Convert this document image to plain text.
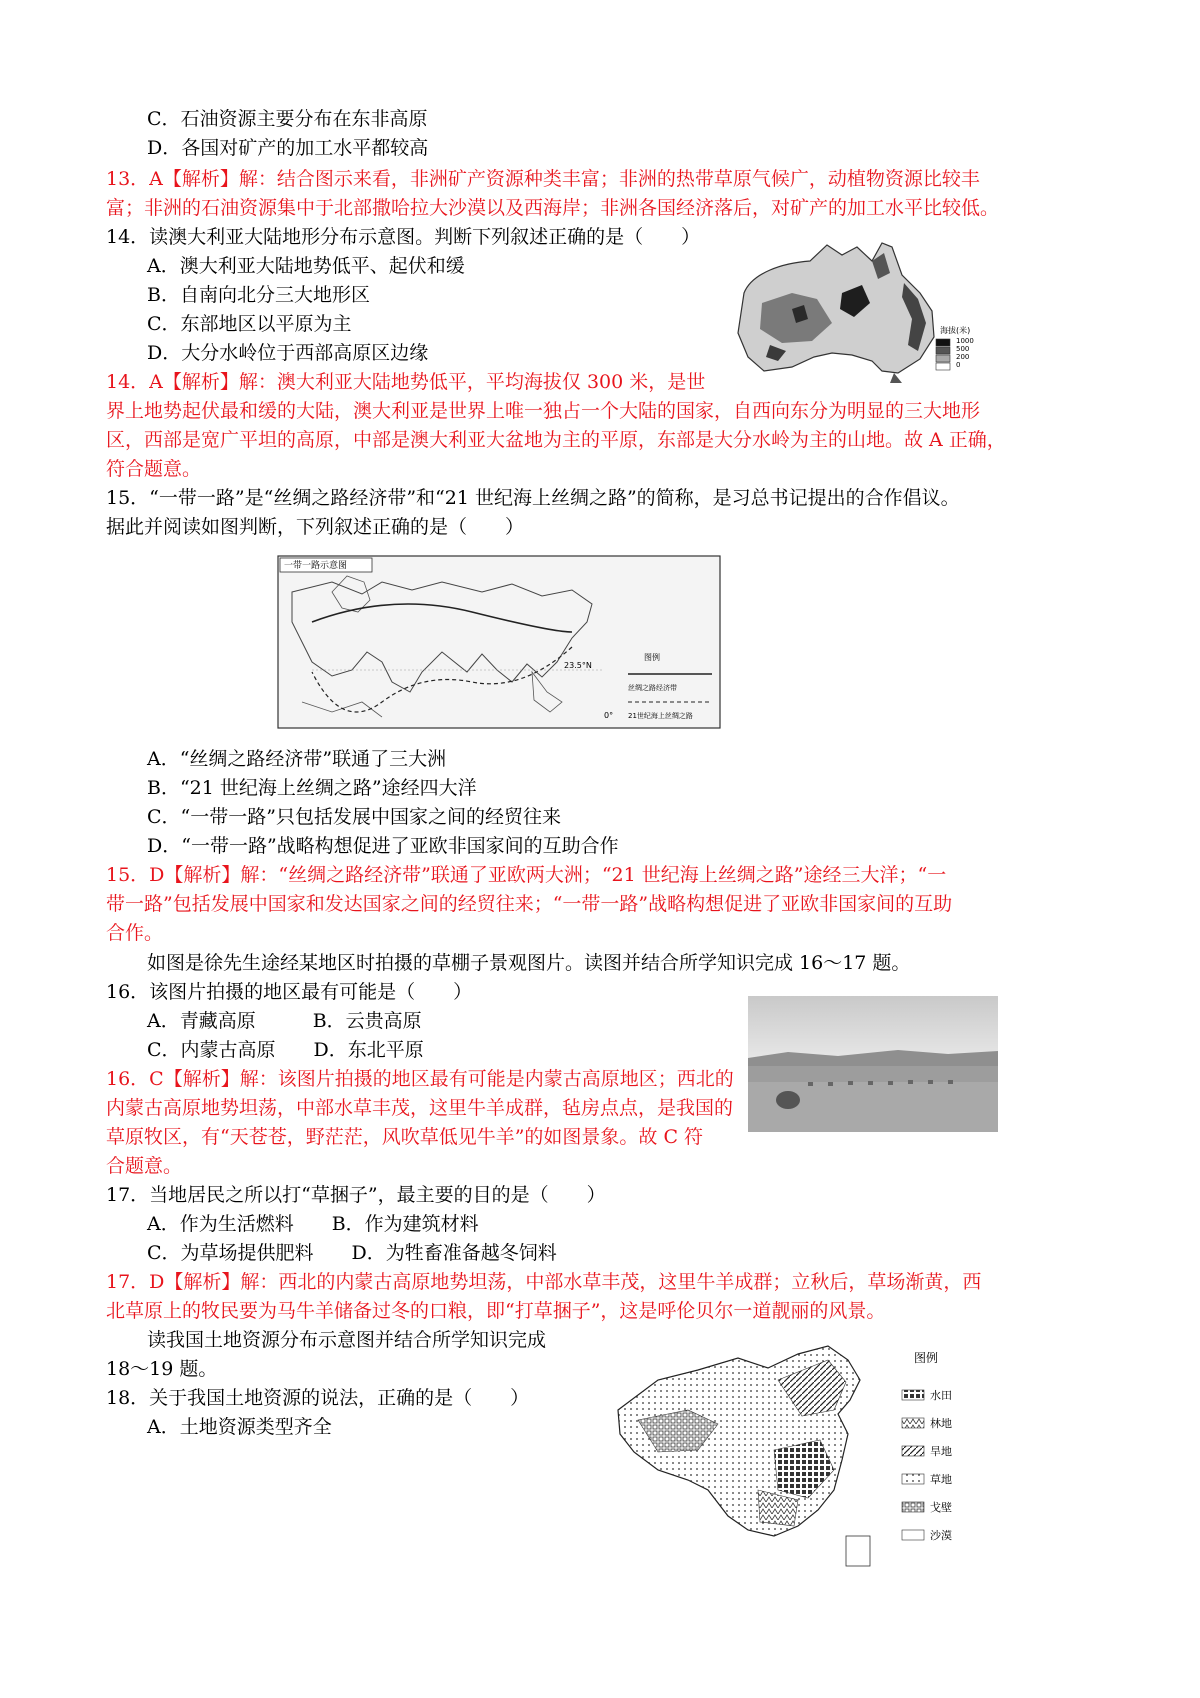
C．石油资源主要分布在东非高原
D．各国对矿产的加工水平都较高
13．A【解析】解：结合图示来看，非洲矿产资源种类丰富；非洲的热带草原气候广，动植物资源比较丰
富；非洲的石油资源集中于北部撒哈拉大沙漠以及西海岸；非洲各国经济落后，对矿产的加工水平比较低。
14．读澳大利亚大陆地形分布示意图。判断下列叙述正确的是（　　）
A．澳大利亚大陆地势低平、起伏和缓
B．自南向北分三大地形区
C．东部地区以平原为主
D．大分水岭位于西部高原区边缘
14．A【解析】解：澳大利亚大陆地势低平，平均海拔仅 300 米，是世
界上地势起伏最和缓的大陆，澳大利亚是世界上唯一独占一个大陆的国家，自西向东分为明显的三大地形
区，西部是宽广平坦的高原，中部是澳大利亚大盆地为主的平原，东部是大分水岭为主的山地。故 A 正确，
符合题意。
15．“一带一路”是“丝绸之路经济带”和“21 世纪海上丝绸之路”的简称，是习总书记提出的合作倡议。
据此并阅读如图判断，下列叙述正确的是（　　）
A．“丝绸之路经济带”联通了三大洲
B．“21 世纪海上丝绸之路”途经四大洋
C．“一带一路”只包括发展中国家之间的经贸往来
D．“一带一路”战略构想促进了亚欧非国家间的互助合作
15．D【解析】解：“丝绸之路经济带”联通了亚欧两大洲；“21 世纪海上丝绸之路”途经三大洋；“一
带一路”包括发展中国家和发达国家之间的经贸往来；“一带一路”战略构想促进了亚欧非国家间的互助
合作。
如图是徐先生途经某地区时拍摄的草棚子景观图片。读图并结合所学知识完成 16～17 题。
16．该图片拍摄的地区最有可能是（　　）
A．青藏高原　　　B．云贵高原
C．内蒙古高原　　D．东北平原
16．C【解析】解：该图片拍摄的地区最有可能是内蒙古高原地区；西北的
内蒙古高原地势坦荡，中部水草丰茂，这里牛羊成群，毡房点点，是我国的
草原牧区，有“天苍苍，野茫茫，风吹草低见牛羊”的如图景象。故 C 符
合题意。
17．当地居民之所以打“草捆子”，最主要的目的是（　　）
A．作为生活燃料　　B．作为建筑材料
C．为草场提供肥料　　D．为牲畜准备越冬饲料
17．D【解析】解：西北的内蒙古高原地势坦荡，中部水草丰茂，这里牛羊成群；立秋后，草场渐黄，西
北草原上的牧民要为马牛羊储备过冬的口粮，即“打草捆子”，这是呼伦贝尔一道靓丽的风景。
读我国土地资源分布示意图并结合所学知识完成
18～19 题。
18．关于我国土地资源的说法，正确的是（　　）
A．土地资源类型齐全
海拔(米)
1000
500
200
0
一带一路示意图
23.5°N
0°
图例
丝绸之路经济带
21世纪海上丝绸之路
图例
水田
林地
旱地
草地
戈壁
沙漠
